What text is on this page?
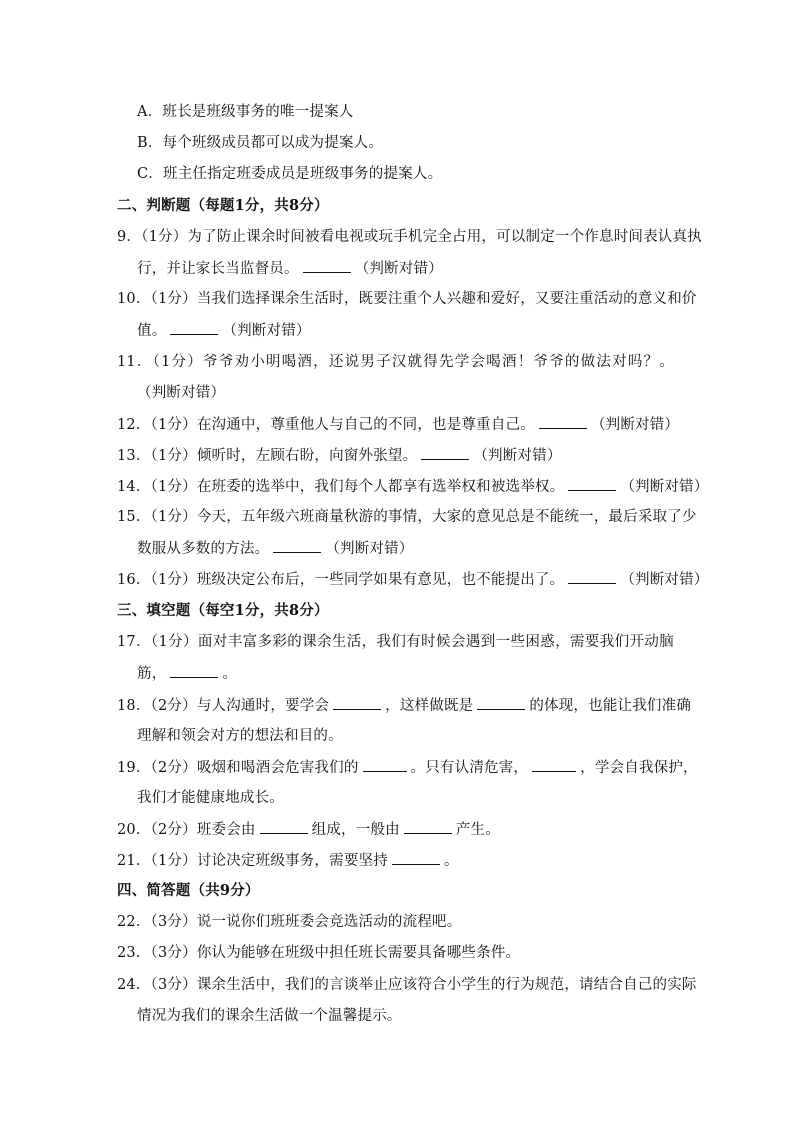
A．班长是班级事务的唯一提案人
B．每个班级成员都可以成为提案人。
C．班主任指定班委成员是班级事务的提案人。
二、判断题（每题1分，共8分）
9．（1分）为了防止课余时间被看电视或玩手机完全占用，可以制定一个作息时间表认真执
行，并让家长当监督员。	（判断对错）
10．（1分）当我们选择课余生活时，既要注重个人兴趣和爱好，又要注重活动的意义和价
值。	（判断对错）
11．（1分）爷爷劝小明喝酒，还说男子汉就得先学会喝酒！爷爷的做法对吗？。
（判断对错）
12．（1分）在沟通中，尊重他人与自己的不同，也是尊重自己。	（判断对错）
13．（1分）倾听时，左顾右盼，向窗外张望。	（判断对错）
14．（1分）在班委的选举中，我们每个人都享有选举权和被选举权。	（判断对错）
15．（1分）今天，五年级六班商量秋游的事情，大家的意见总是不能统一，最后采取了少
数服从多数的方法。	（判断对错）
16．（1分）班级决定公布后，一些同学如果有意见，也不能提出了。	（判断对错）
三、填空题（每空1分，共8分）
17．（1分）面对丰富多彩的课余生活，我们有时候会遇到一些困惑，需要我们开动脑
筋，	。
18．（2分）与人沟通时，要学会	，这样做既是	的体现，也能让我们准确
理解和领会对方的想法和目的。
19．（2分）吸烟和喝酒会危害我们的	。只有认清危害，	，学会自我保护，
我们才能健康地成长。
20．（2分）班委会由	组成，一般由	产生。
21．（1分）讨论决定班级事务，需要坚持	。
四、简答题（共9分）
22．（3分）说一说你们班班委会竞选活动的流程吧。
23．（3分）你认为能够在班级中担任班长需要具备哪些条件。
24．（3分）课余生活中，我们的言谈举止应该符合小学生的行为规范，请结合自己的实际
情况为我们的课余生活做一个温馨提示。
